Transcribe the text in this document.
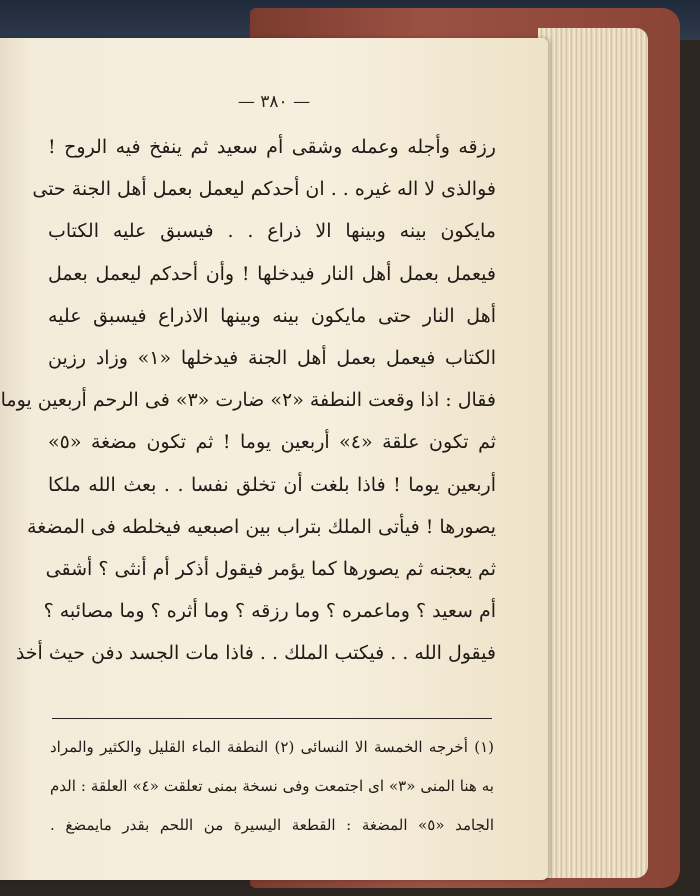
— ٣٨٠ —
رزقه وأجله وعمله وشقى أم سعيد ثم ينفخ فيه الروح !
فوالذى لا اله غيره . . ان أحدكم ليعمل بعمل أهل الجنة حتى
مايكون بينه وبينها الا ذراع . . فيسبق عليه الكتاب
فيعمل بعمل أهل النار فيدخلها ! وأن أحدكم ليعمل بعمل
أهل النار حتى مايكون بينه وبينها الاذراع فيسبق عليه
الكتاب فيعمل بعمل أهل الجنة فيدخلها «١» وزاد رزين
فقال : اذا وقعت النطفة «٢» ضارت «٣» فى الرحم أربعين يوما
ثم تكون علقة «٤» أربعين يوما ! ثم تكون مضغة «٥»
أربعين يوما ! فاذا بلغت أن تخلق نفسا . . بعث الله ملكا
يصورها ! فيأتى الملك بتراب بين اصبعيه فيخلطه فى المضغة
ثم يعجنه ثم يصورها كما يؤمر فيقول أذكر أم أنثى ؟ أشقى
أم سعيد ؟ وماعمره ؟ وما رزقه ؟ وما أثره ؟ وما مصائبه ؟
فيقول الله . . فيكتب الملك . . فاذا مات الجسد دفن حيث أخذ
(١) أخرجه الخمسة الا النسائى (٢) النطفة الماء القليل والكثير والمراد
به هنا المنى «٣» اى اجتمعت وفى نسخة بمنى تعلقت «٤» العلقة : الدم
الجامد «٥» المضغة : القطعة اليسيرة من اللحم بقدر مايمضغ .
